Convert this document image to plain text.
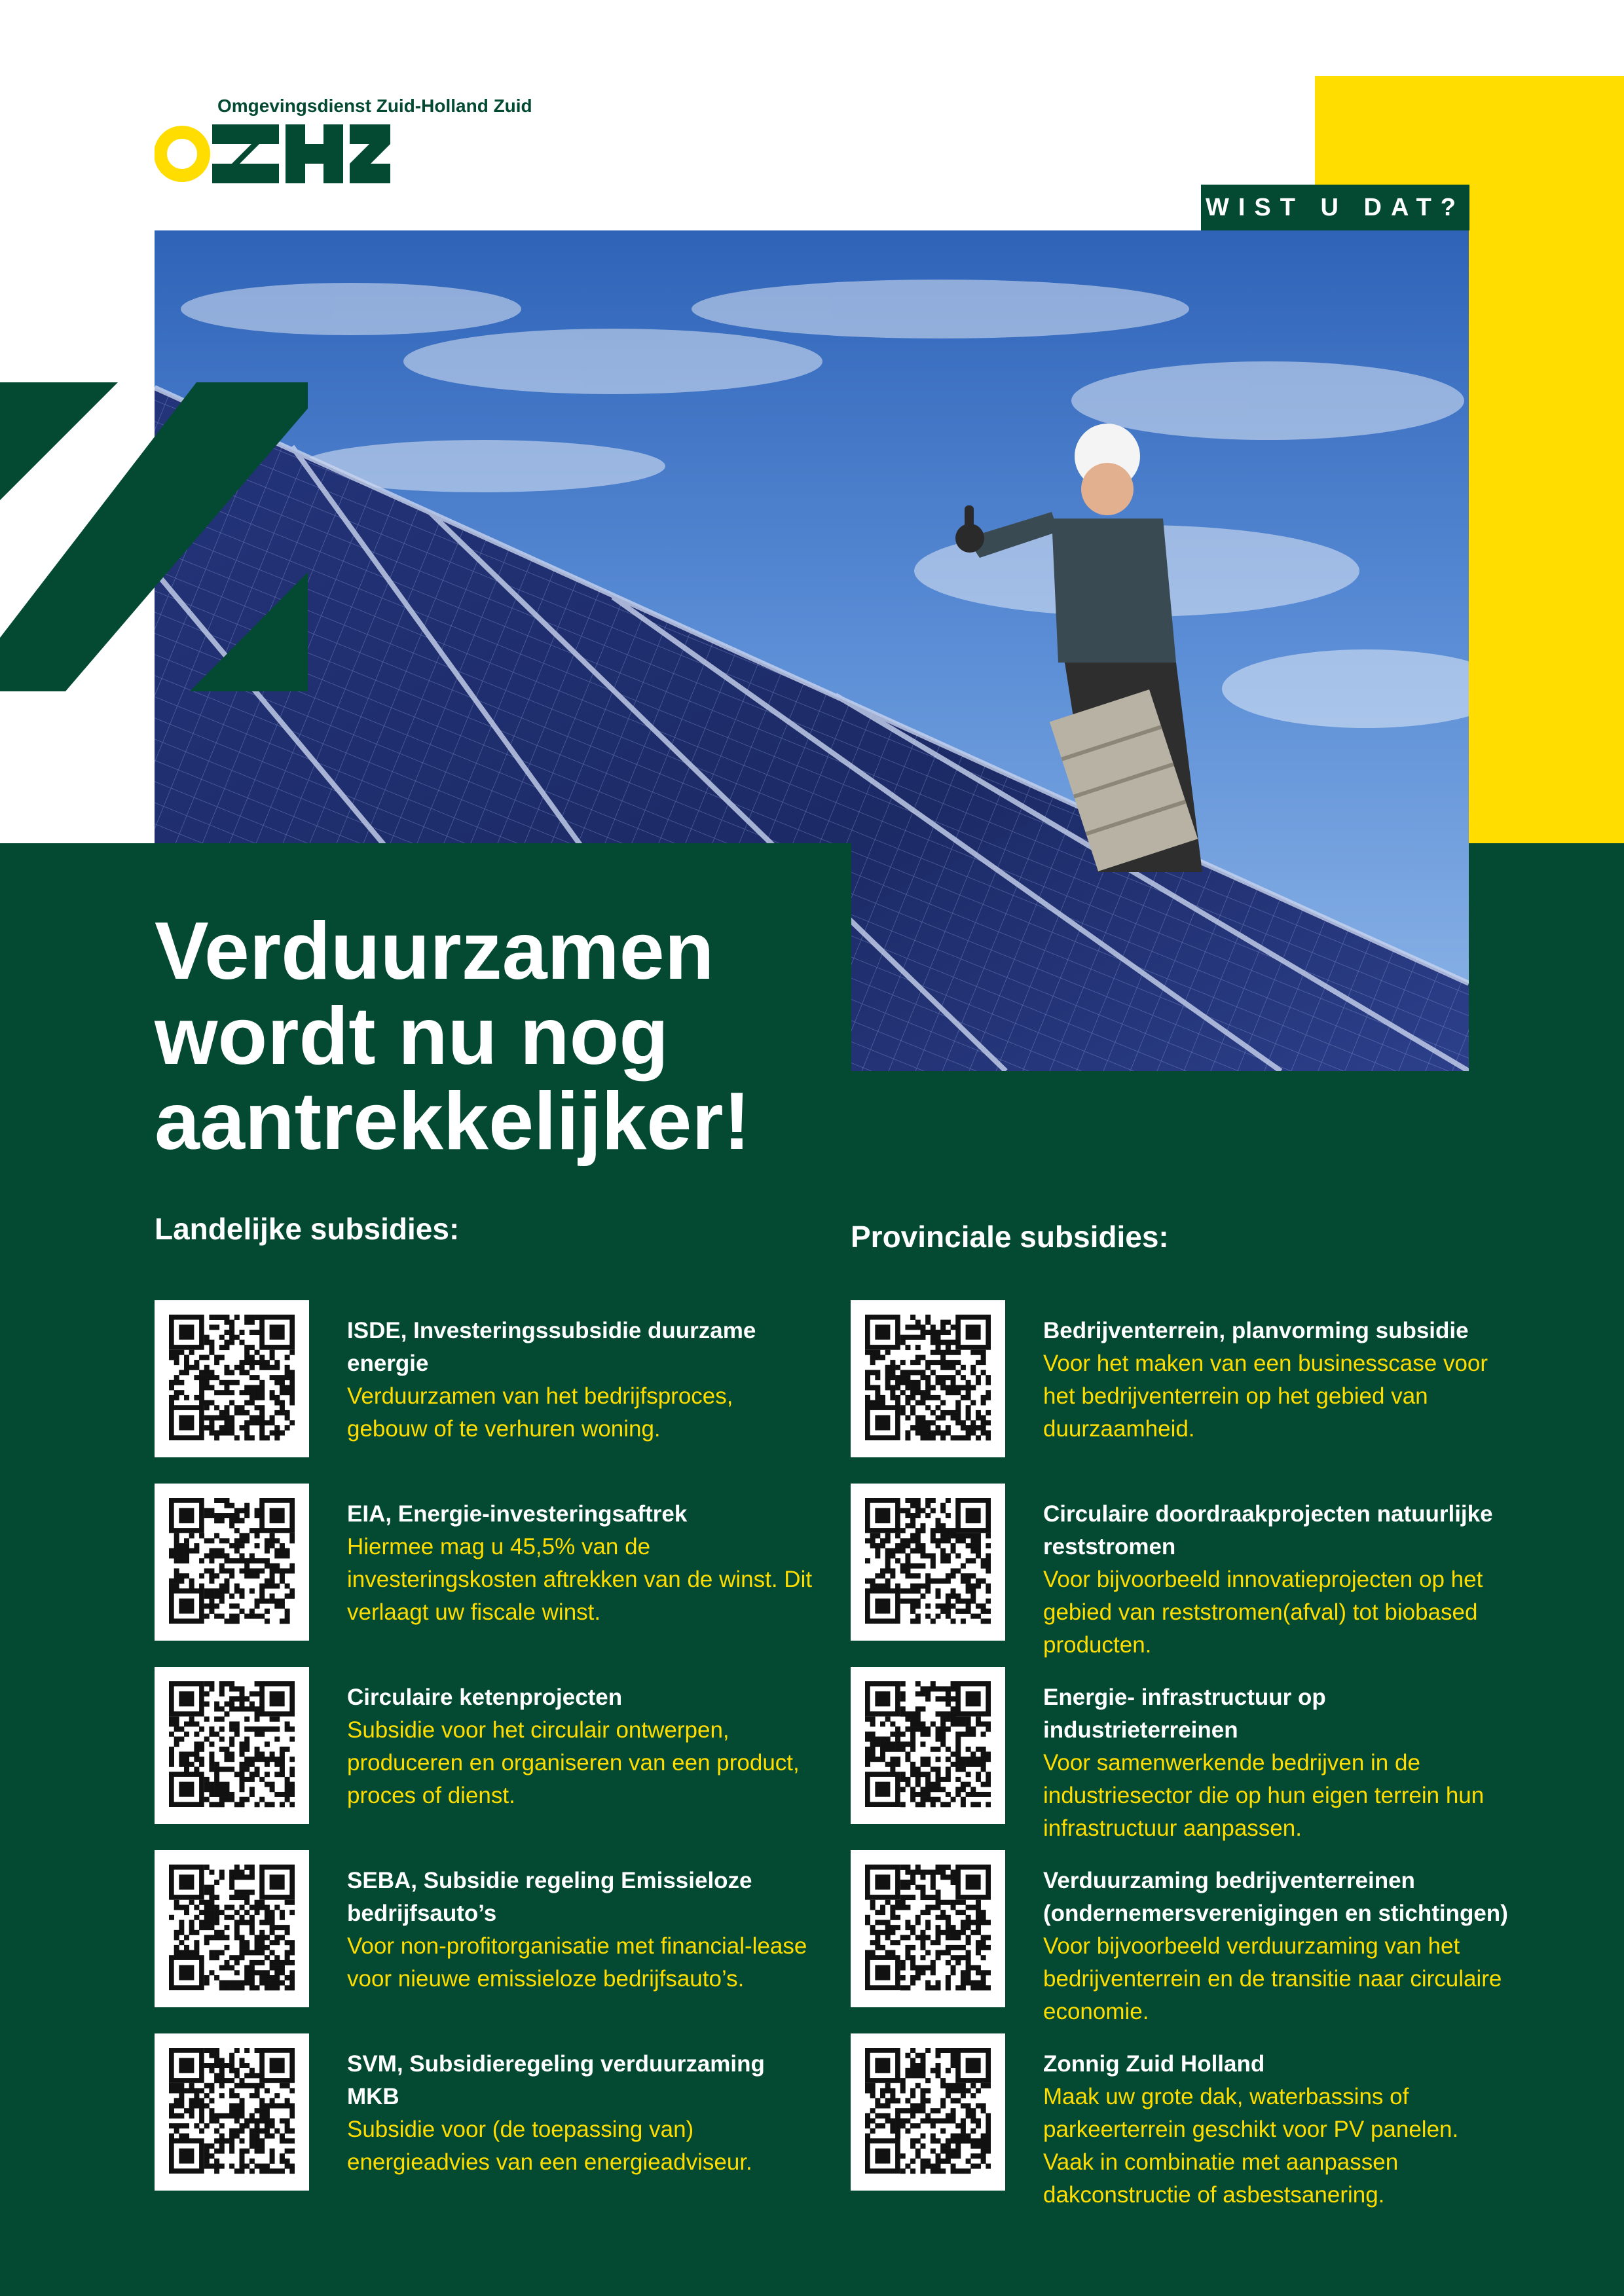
WIST U DAT?
Omgevingsdienst Zuid-Holland Zuid
Verduurzamen wordt nu nog aantrekkelijker!
Landelijke subsidies:
ISDE, Investeringssubsidie duurzame energie
Verduurzamen van het bedrijfsproces, gebouw of te verhuren woning.
EIA, Energie-investeringsaftrek
Hiermee mag u 45,5% van de investeringskosten aftrekken van de winst. Dit verlaagt uw fiscale winst.
Circulaire ketenprojecten
Subsidie voor het circulair ontwerpen, produceren en organiseren van een product, proces of dienst.
SEBA, Subsidie regeling Emissieloze bedrijfsauto’s
Voor non-profitorganisatie met financial-lease voor nieuwe emissieloze bedrijfsauto’s.
SVM, Subsidieregeling verduurzaming MKB
Subsidie voor (de toepassing van) energieadvies van een energieadviseur.
Provinciale subsidies:
Bedrijventerrein, planvorming subsidie
Voor het maken van een businesscase voor het bedrijventerrein op het gebied van duurzaamheid.
Circulaire doordraakprojecten natuurlijke reststromen
Voor bijvoorbeeld innovatieprojecten op het gebied van reststromen(afval) tot biobased producten.
Energie- infrastructuur op industrieterreinen
Voor samenwerkende bedrijven in de industriesector die op hun eigen terrein hun infrastructuur aanpassen.
Verduurzaming bedrijventerreinen (ondernemersverenigingen en stichtingen)
Voor bijvoorbeeld verduurzaming van het bedrijventerrein en de transitie naar circulaire economie.
Zonnig Zuid Holland
Maak uw grote dak, waterbassins of parkeerterrein geschikt voor PV panelen. Vaak in combinatie met aanpassen dakconstructie of asbestsanering.
